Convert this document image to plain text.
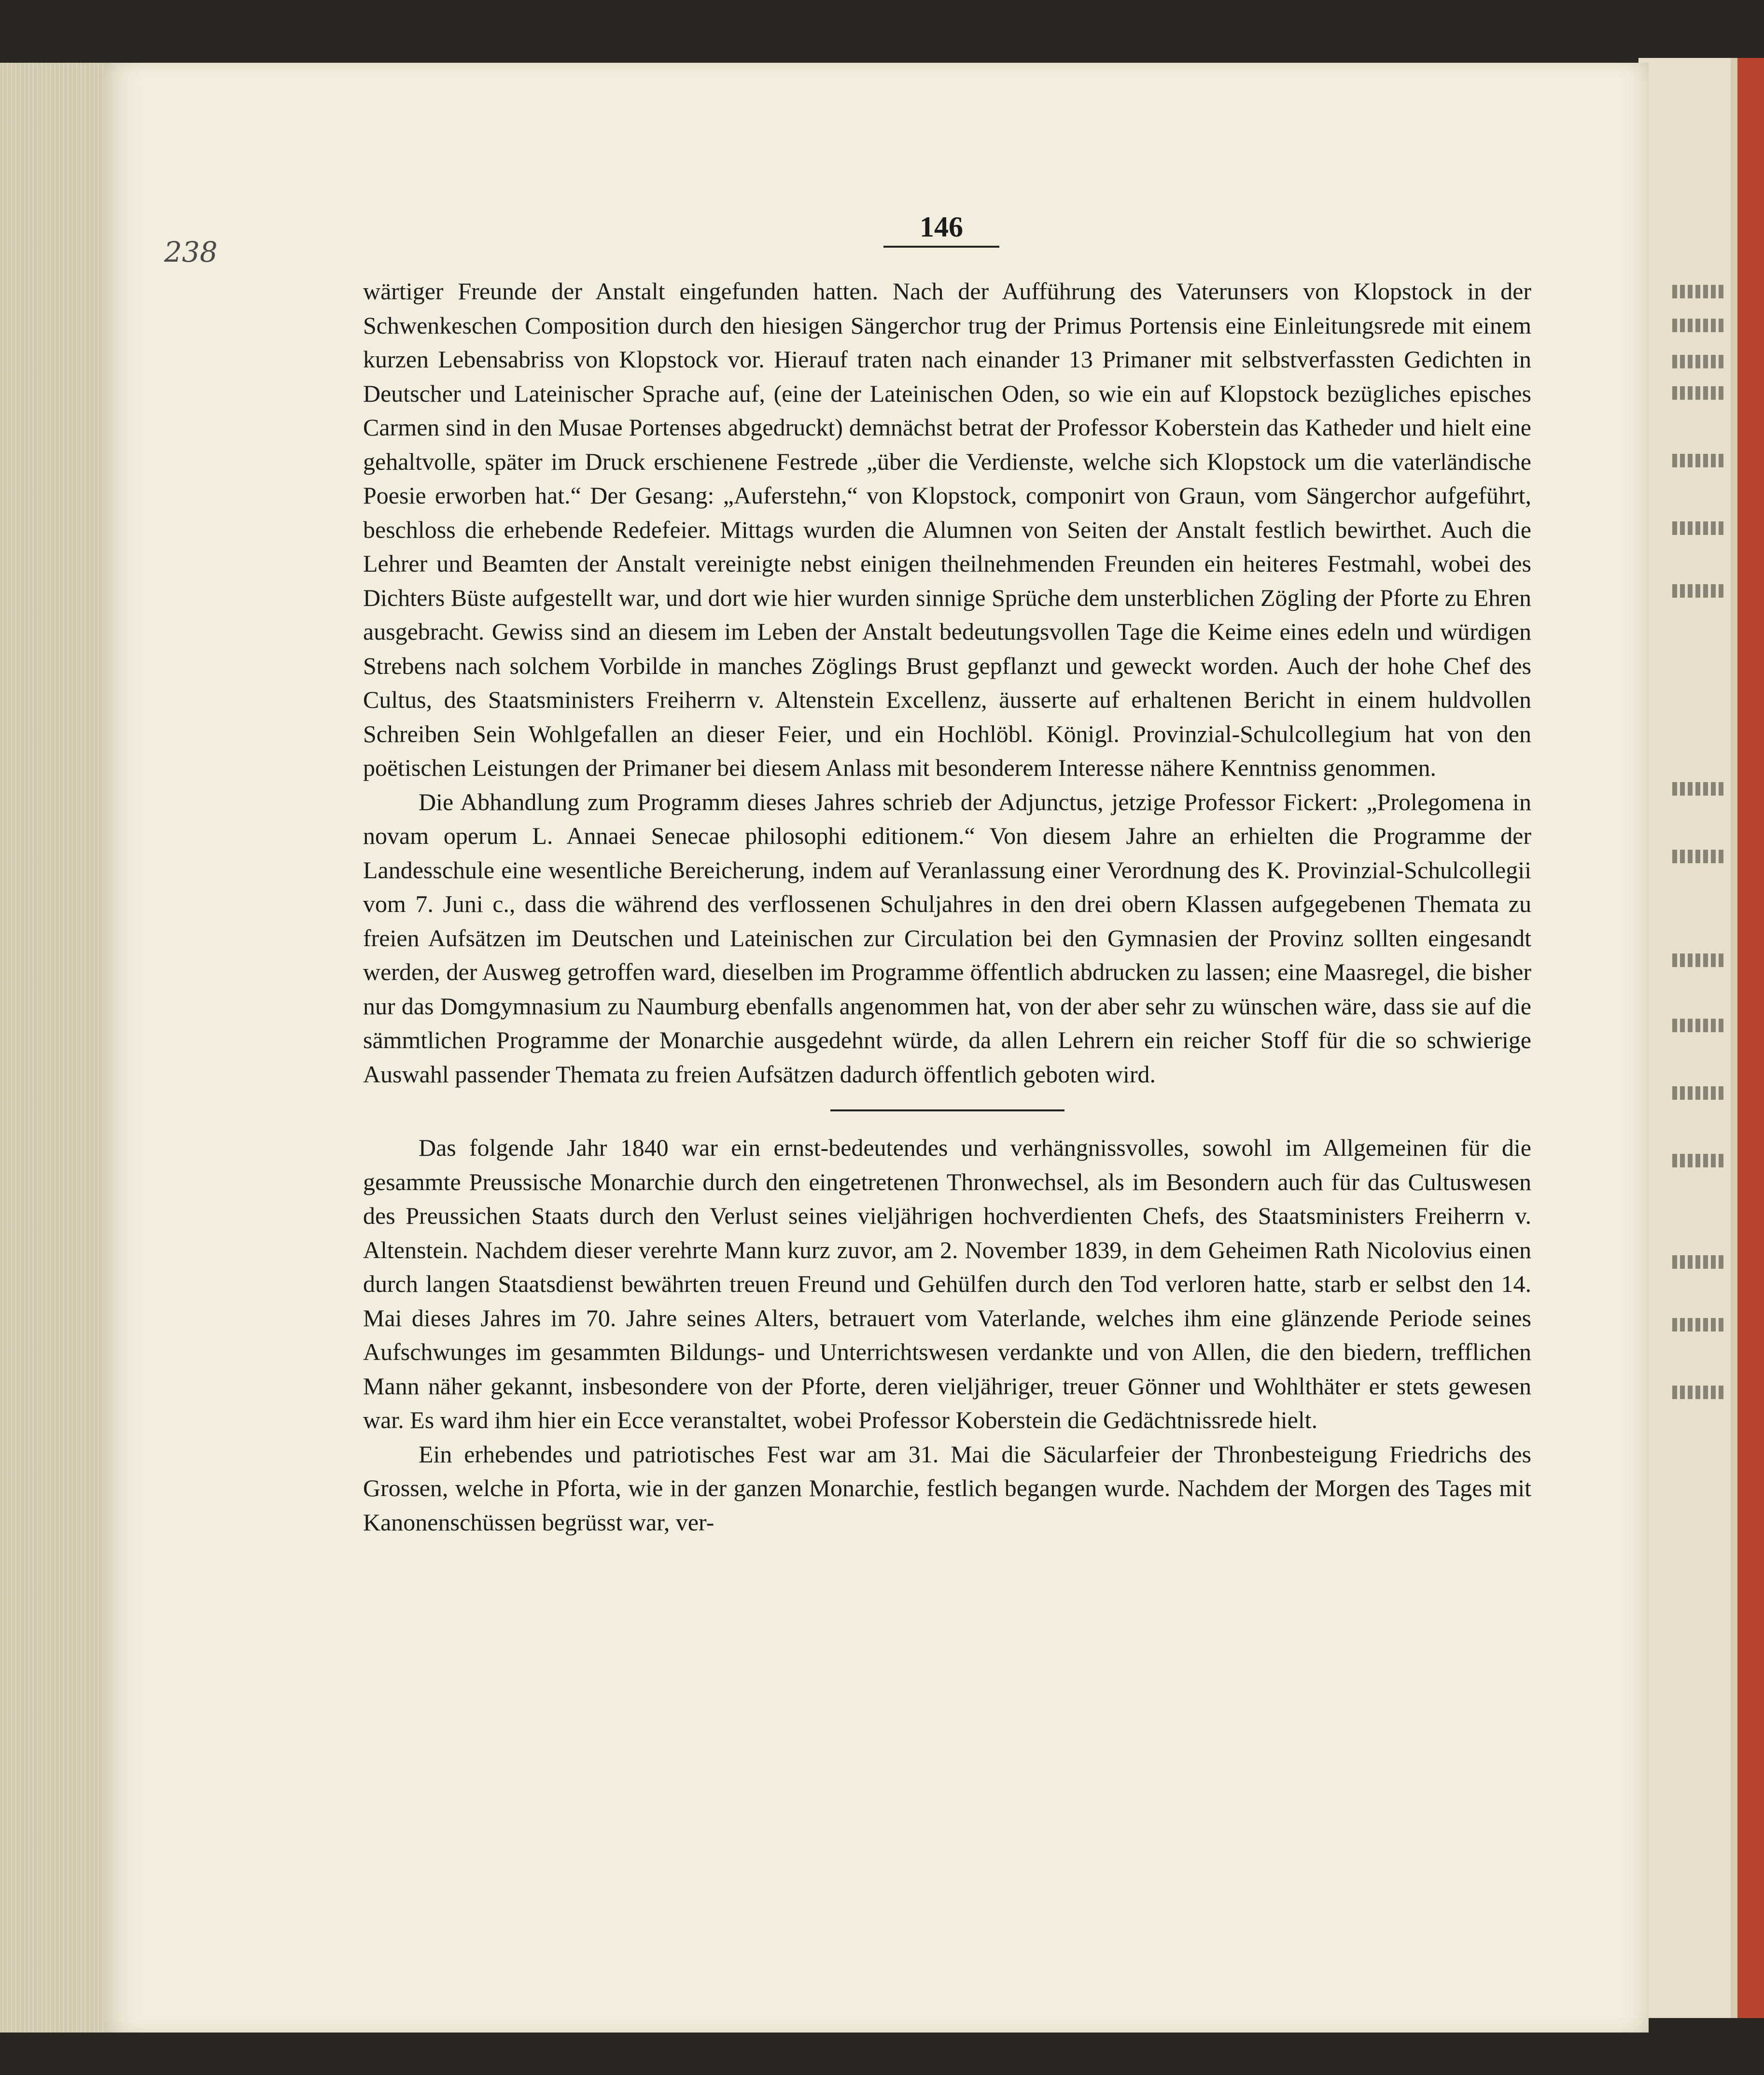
238
146

wärtiger Freunde der Anstalt eingefunden hatten. Nach der Aufführung des Vaterunsers von Klopstock in der Schwenkeschen Composition durch den hiesigen Sängerchor trug der Primus Portensis eine Einleitungsrede mit einem kurzen Lebensabriss von Klopstock vor. Hierauf traten nach einander 13 Primaner mit selbstverfassten Gedichten in Deutscher und Lateinischer Sprache auf, (eine der Lateinischen Oden, so wie ein auf Klopstock bezügliches episches Carmen sind in den Musae Portenses abgedruckt) demnächst betrat der Professor Koberstein das Katheder und hielt eine gehaltvolle, später im Druck erschienene Festrede „über die Verdienste, welche sich Klopstock um die vaterländische Poesie erworben hat.“ Der Gesang: „Auferstehn,“ von Klopstock, componirt von Graun, vom Sängerchor aufgeführt, beschloss die erhebende Redefeier. Mittags wurden die Alumnen von Seiten der Anstalt festlich bewirthet. Auch die Lehrer und Beamten der Anstalt vereinigte nebst einigen theilnehmenden Freunden ein heiteres Festmahl, wobei des Dichters Büste aufgestellt war, und dort wie hier wurden sinnige Sprüche dem unsterblichen Zögling der Pforte zu Ehren ausgebracht. Gewiss sind an diesem im Leben der Anstalt bedeutungsvollen Tage die Keime eines edeln und würdigen Strebens nach solchem Vorbilde in manches Zöglings Brust gepflanzt und geweckt worden. Auch der hohe Chef des Cultus, des Staatsministers Freiherrn v. Altenstein Excellenz, äusserte auf erhaltenen Bericht in einem huldvollen Schreiben Sein Wohlgefallen an dieser Feier, und ein Hochlöbl. Königl. Provinzial-Schulcollegium hat von den poëtischen Leistungen der Primaner bei diesem Anlass mit besonderem Interesse nähere Kenntniss genommen.

Die Abhandlung zum Programm dieses Jahres schrieb der Adjunctus, jetzige Professor Fickert: „Prolegomena in novam operum L. Annaei Senecae philosophi editionem.“ Von diesem Jahre an erhielten die Programme der Landesschule eine wesentliche Bereicherung, indem auf Veranlassung einer Verordnung des K. Provinzial-Schulcollegii vom 7. Juni c., dass die während des verflossenen Schuljahres in den drei obern Klassen aufgegebenen Themata zu freien Aufsätzen im Deutschen und Lateinischen zur Circulation bei den Gymnasien der Provinz sollten eingesandt werden, der Ausweg getroffen ward, dieselben im Programme öffentlich abdrucken zu lassen; eine Maasregel, die bisher nur das Domgymnasium zu Naumburg ebenfalls angenommen hat, von der aber sehr zu wünschen wäre, dass sie auf die sämmtlichen Programme der Monarchie ausgedehnt würde, da allen Lehrern ein reicher Stoff für die so schwierige Auswahl passender Themata zu freien Aufsätzen dadurch öffentlich geboten wird.

Das folgende Jahr 1840 war ein ernst-bedeutendes und verhängnissvolles, sowohl im Allgemeinen für die gesammte Preussische Monarchie durch den eingetretenen Thronwechsel, als im Besondern auch für das Cultuswesen des Preussichen Staats durch den Verlust seines vieljährigen hochverdienten Chefs, des Staatsministers Freiherrn v. Altenstein. Nachdem dieser verehrte Mann kurz zuvor, am 2. November 1839, in dem Geheimen Rath Nicolovius einen durch langen Staatsdienst bewährten treuen Freund und Gehülfen durch den Tod verloren hatte, starb er selbst den 14. Mai dieses Jahres im 70. Jahre seines Alters, betrauert vom Vaterlande, welches ihm eine glänzende Periode seines Aufschwunges im gesammten Bildungs- und Unterrichtswesen verdankte und von Allen, die den biedern, trefflichen Mann näher gekannt, insbesondere von der Pforte, deren vieljähriger, treuer Gönner und Wohlthäter er stets gewesen war. Es ward ihm hier ein Ecce veranstaltet, wobei Professor Koberstein die Gedächtnissrede hielt.

Ein erhebendes und patriotisches Fest war am 31. Mai die Säcularfeier der Thronbesteigung Friedrichs des Grossen, welche in Pforta, wie in der ganzen Monarchie, festlich begangen wurde. Nachdem der Morgen des Tages mit Kanonenschüssen begrüsst war, ver-
